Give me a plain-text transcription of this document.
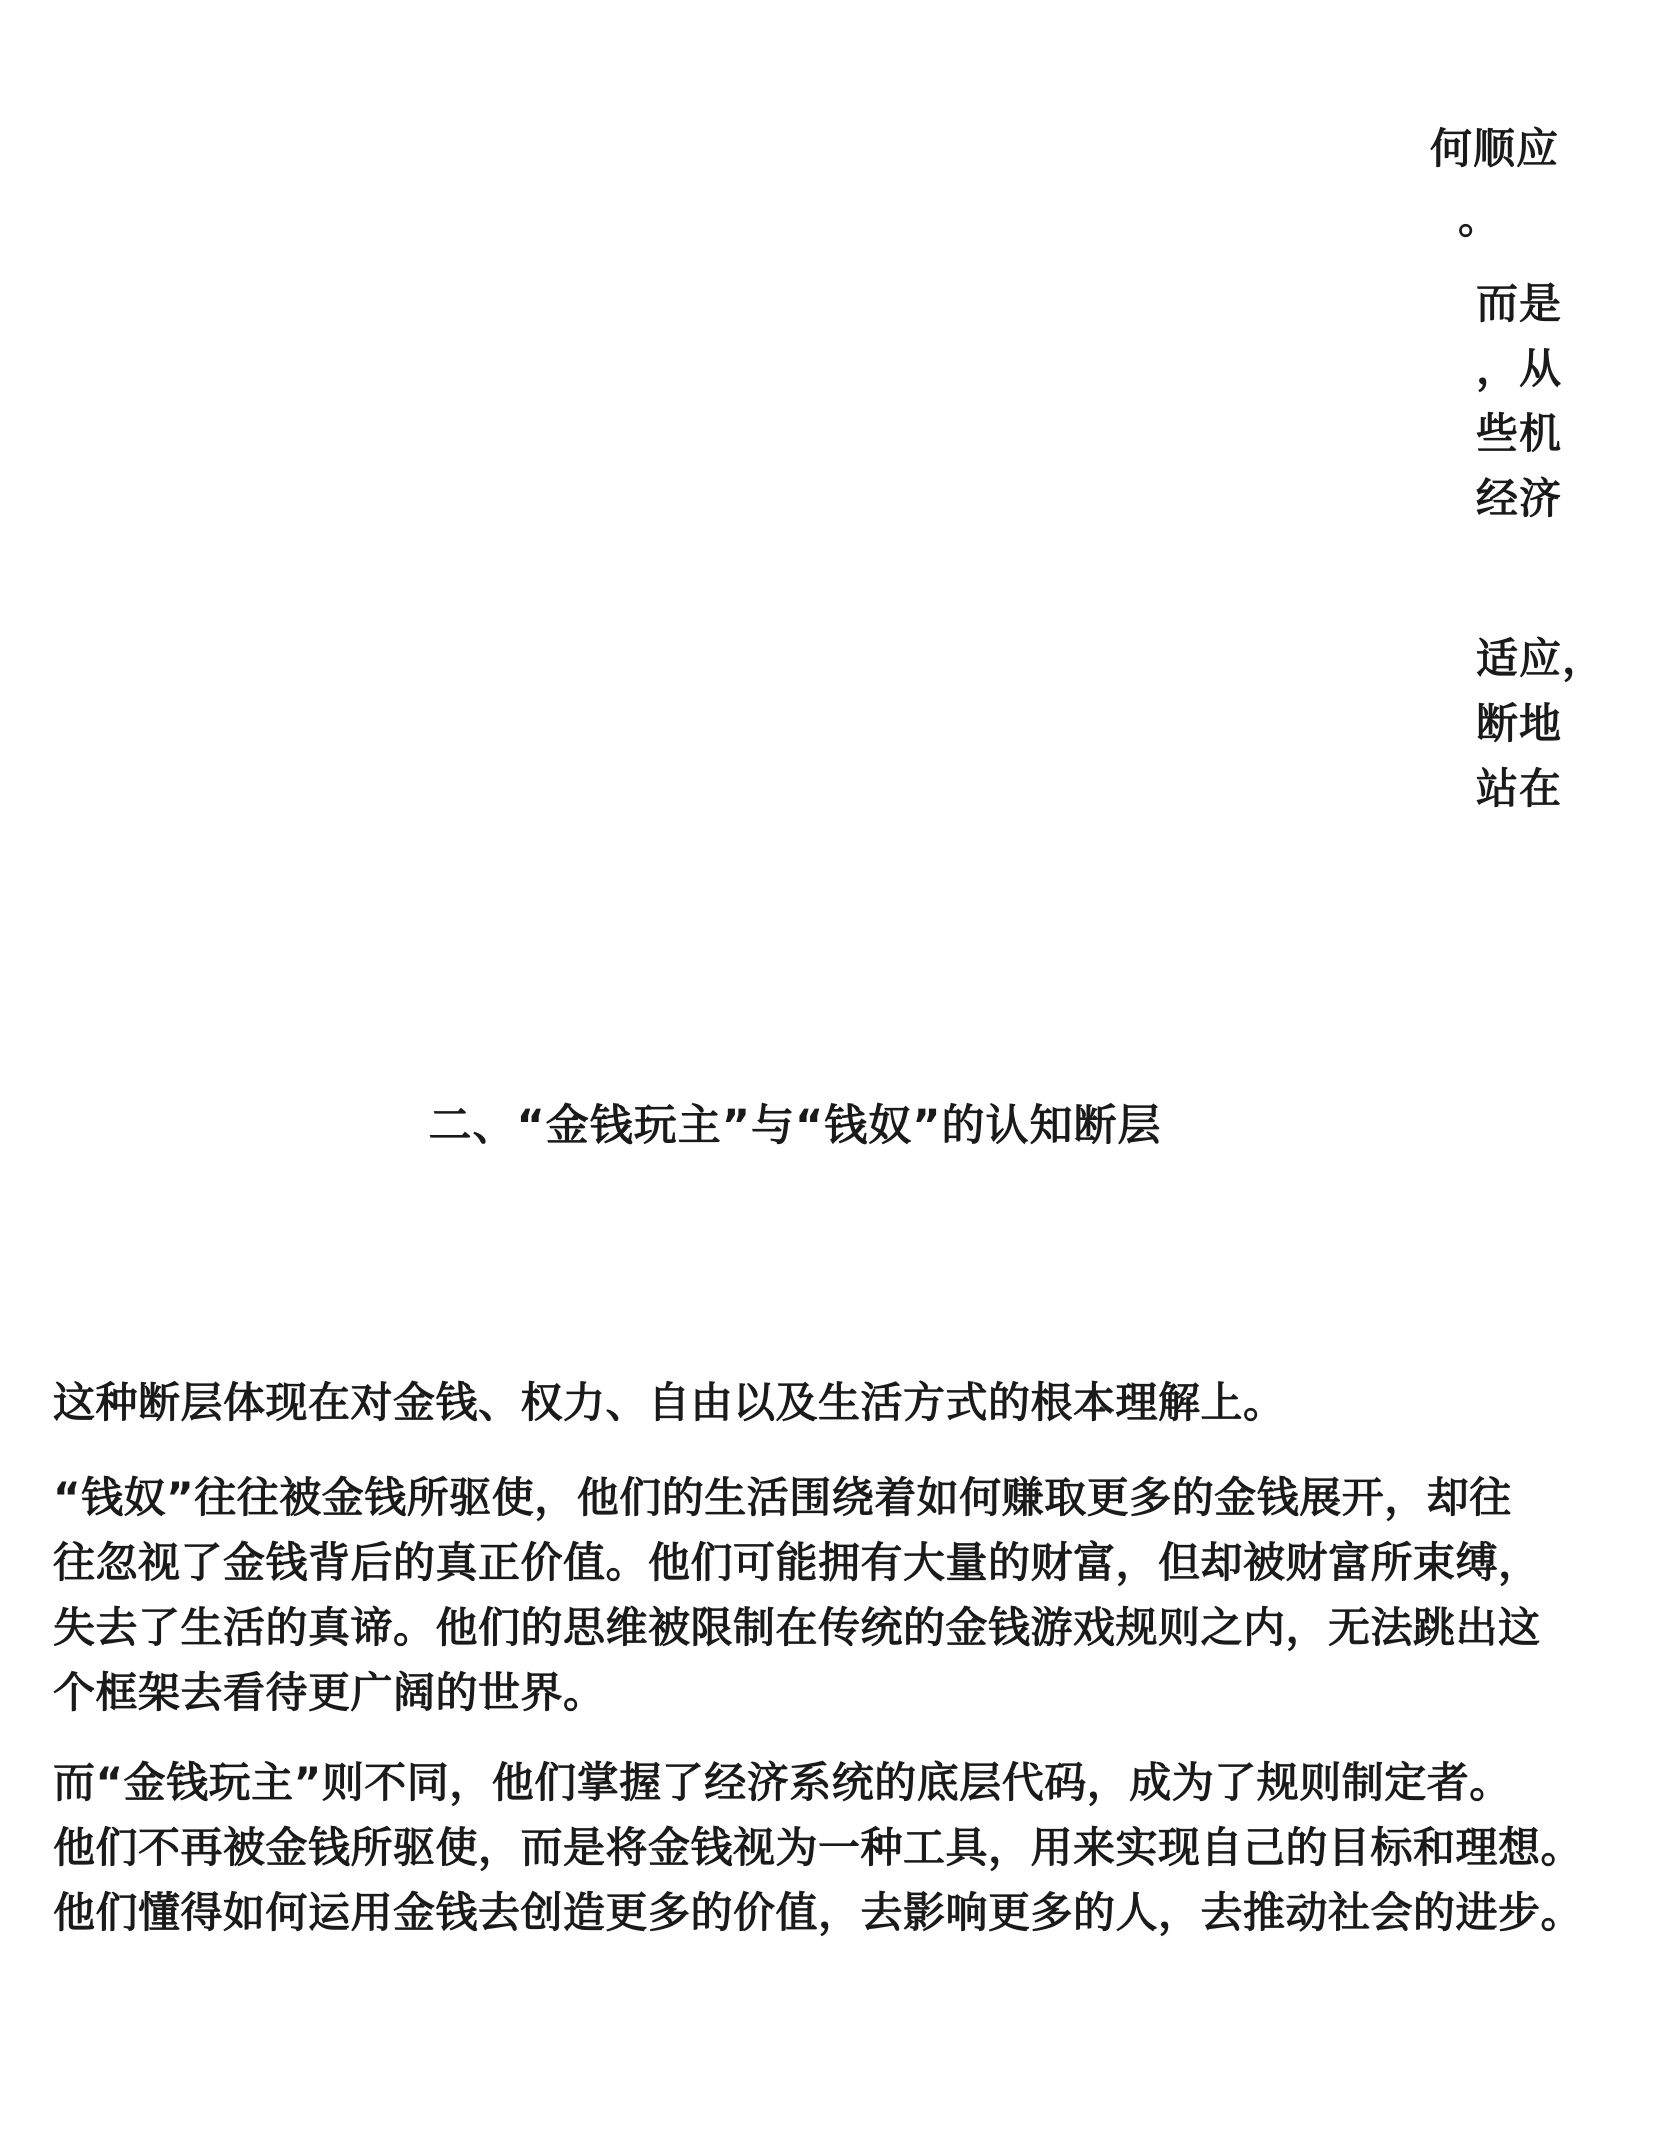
何顺应
。
而是
，从
些机
经济
适应，
断地
站在
二、“金钱玩主”与“钱奴”的认知断层

这种断层体现在对金钱、权力、自由以及生活方式的根本理解上。

“钱奴”往往被金钱所驱使，他们的生活围绕着如何赚取更多的金钱展开，却往
往忽视了金钱背后的真正价值。他们可能拥有大量的财富，但却被财富所束缚，
失去了生活的真谛。他们的思维被限制在传统的金钱游戏规则之内，无法跳出这
个框架去看待更广阔的世界。

而“金钱玩主”则不同，他们掌握了经济系统的底层代码，成为了规则制定者。
他们不再被金钱所驱使，而是将金钱视为一种工具，用来实现自己的目标和理想。
他们懂得如何运用金钱去创造更多的价值，去影响更多的人，去推动社会的进步。
